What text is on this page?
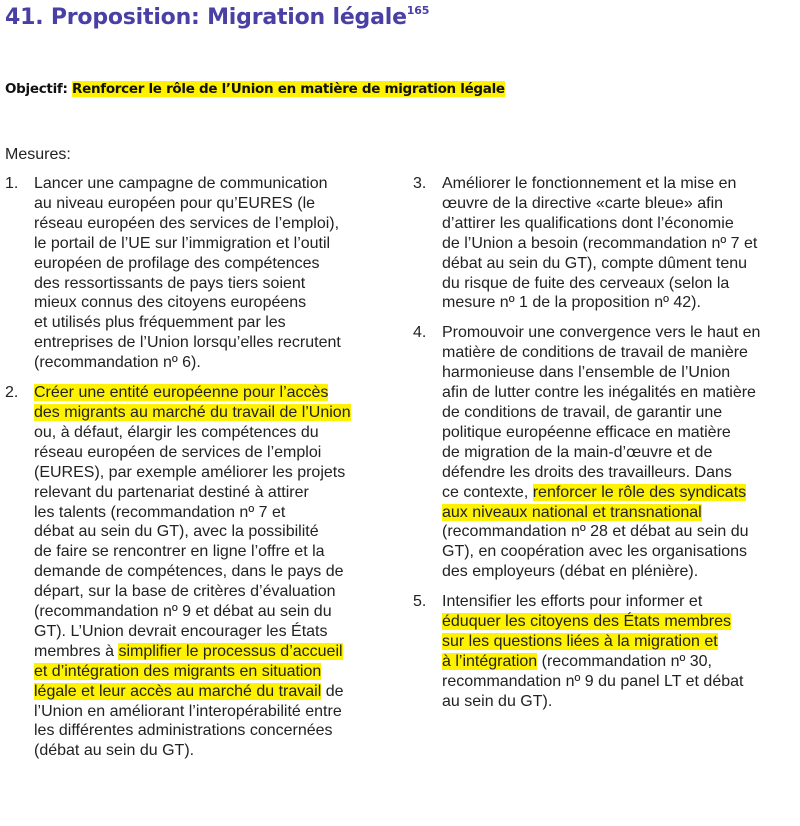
41. Proposition: Migration légale$^{165}$
Objectif: Renforcer le rôle de l’Union en matière de migration légale
Mesures:
1. Lancer une campagne de communication
au niveau européen pour qu’EURES (le
réseau européen des services de l’emploi),
le portail de l’UE sur l’immigration et l’outil
européen de profilage des compétences
des ressortissants de pays tiers soient
mieux connus des citoyens européens
et utilisés plus fréquemment par les
entreprises de l’Union lorsqu’elles recrutent
(recommandation nº 6).
2. Créer une entité européenne pour l’accès
des migrants au marché du travail de l’Union
ou, à défaut, élargir les compétences du
réseau européen de services de l’emploi
(EURES), par exemple améliorer les projets
relevant du partenariat destiné à attirer
les talents (recommandation nº 7 et
débat au sein du GT), avec la possibilité
de faire se rencontrer en ligne l’offre et la
demande de compétences, dans le pays de
départ, sur la base de critères d’évaluation
(recommandation nº 9 et débat au sein du
GT). L’Union devrait encourager les États
membres à simplifier le processus d’accueil
et d’intégration des migrants en situation
légale et leur accès au marché du travail de
l’Union en améliorant l’interopérabilité entre
les différentes administrations concernées
(débat au sein du GT).
3. Améliorer le fonctionnement et la mise en
œuvre de la directive «carte bleue» afin
d’attirer les qualifications dont l’économie
de l’Union a besoin (recommandation nº 7 et
débat au sein du GT), compte dûment tenu
du risque de fuite des cerveaux (selon la
mesure nº 1 de la proposition nº 42).
4. Promouvoir une convergence vers le haut en
matière de conditions de travail de manière
harmonieuse dans l’ensemble de l’Union
afin de lutter contre les inégalités en matière
de conditions de travail, de garantir une
politique européenne efficace en matière
de migration de la main-d’œuvre et de
défendre les droits des travailleurs. Dans
ce contexte, renforcer le rôle des syndicats
aux niveaux national et transnational
(recommandation nº 28 et débat au sein du
GT), en coopération avec les organisations
des employeurs (débat en plénière).
5. Intensifier les efforts pour informer et
éduquer les citoyens des États membres
sur les questions liées à la migration et
à l’intégration (recommandation nº 30,
recommandation nº 9 du panel LT et débat
au sein du GT).
